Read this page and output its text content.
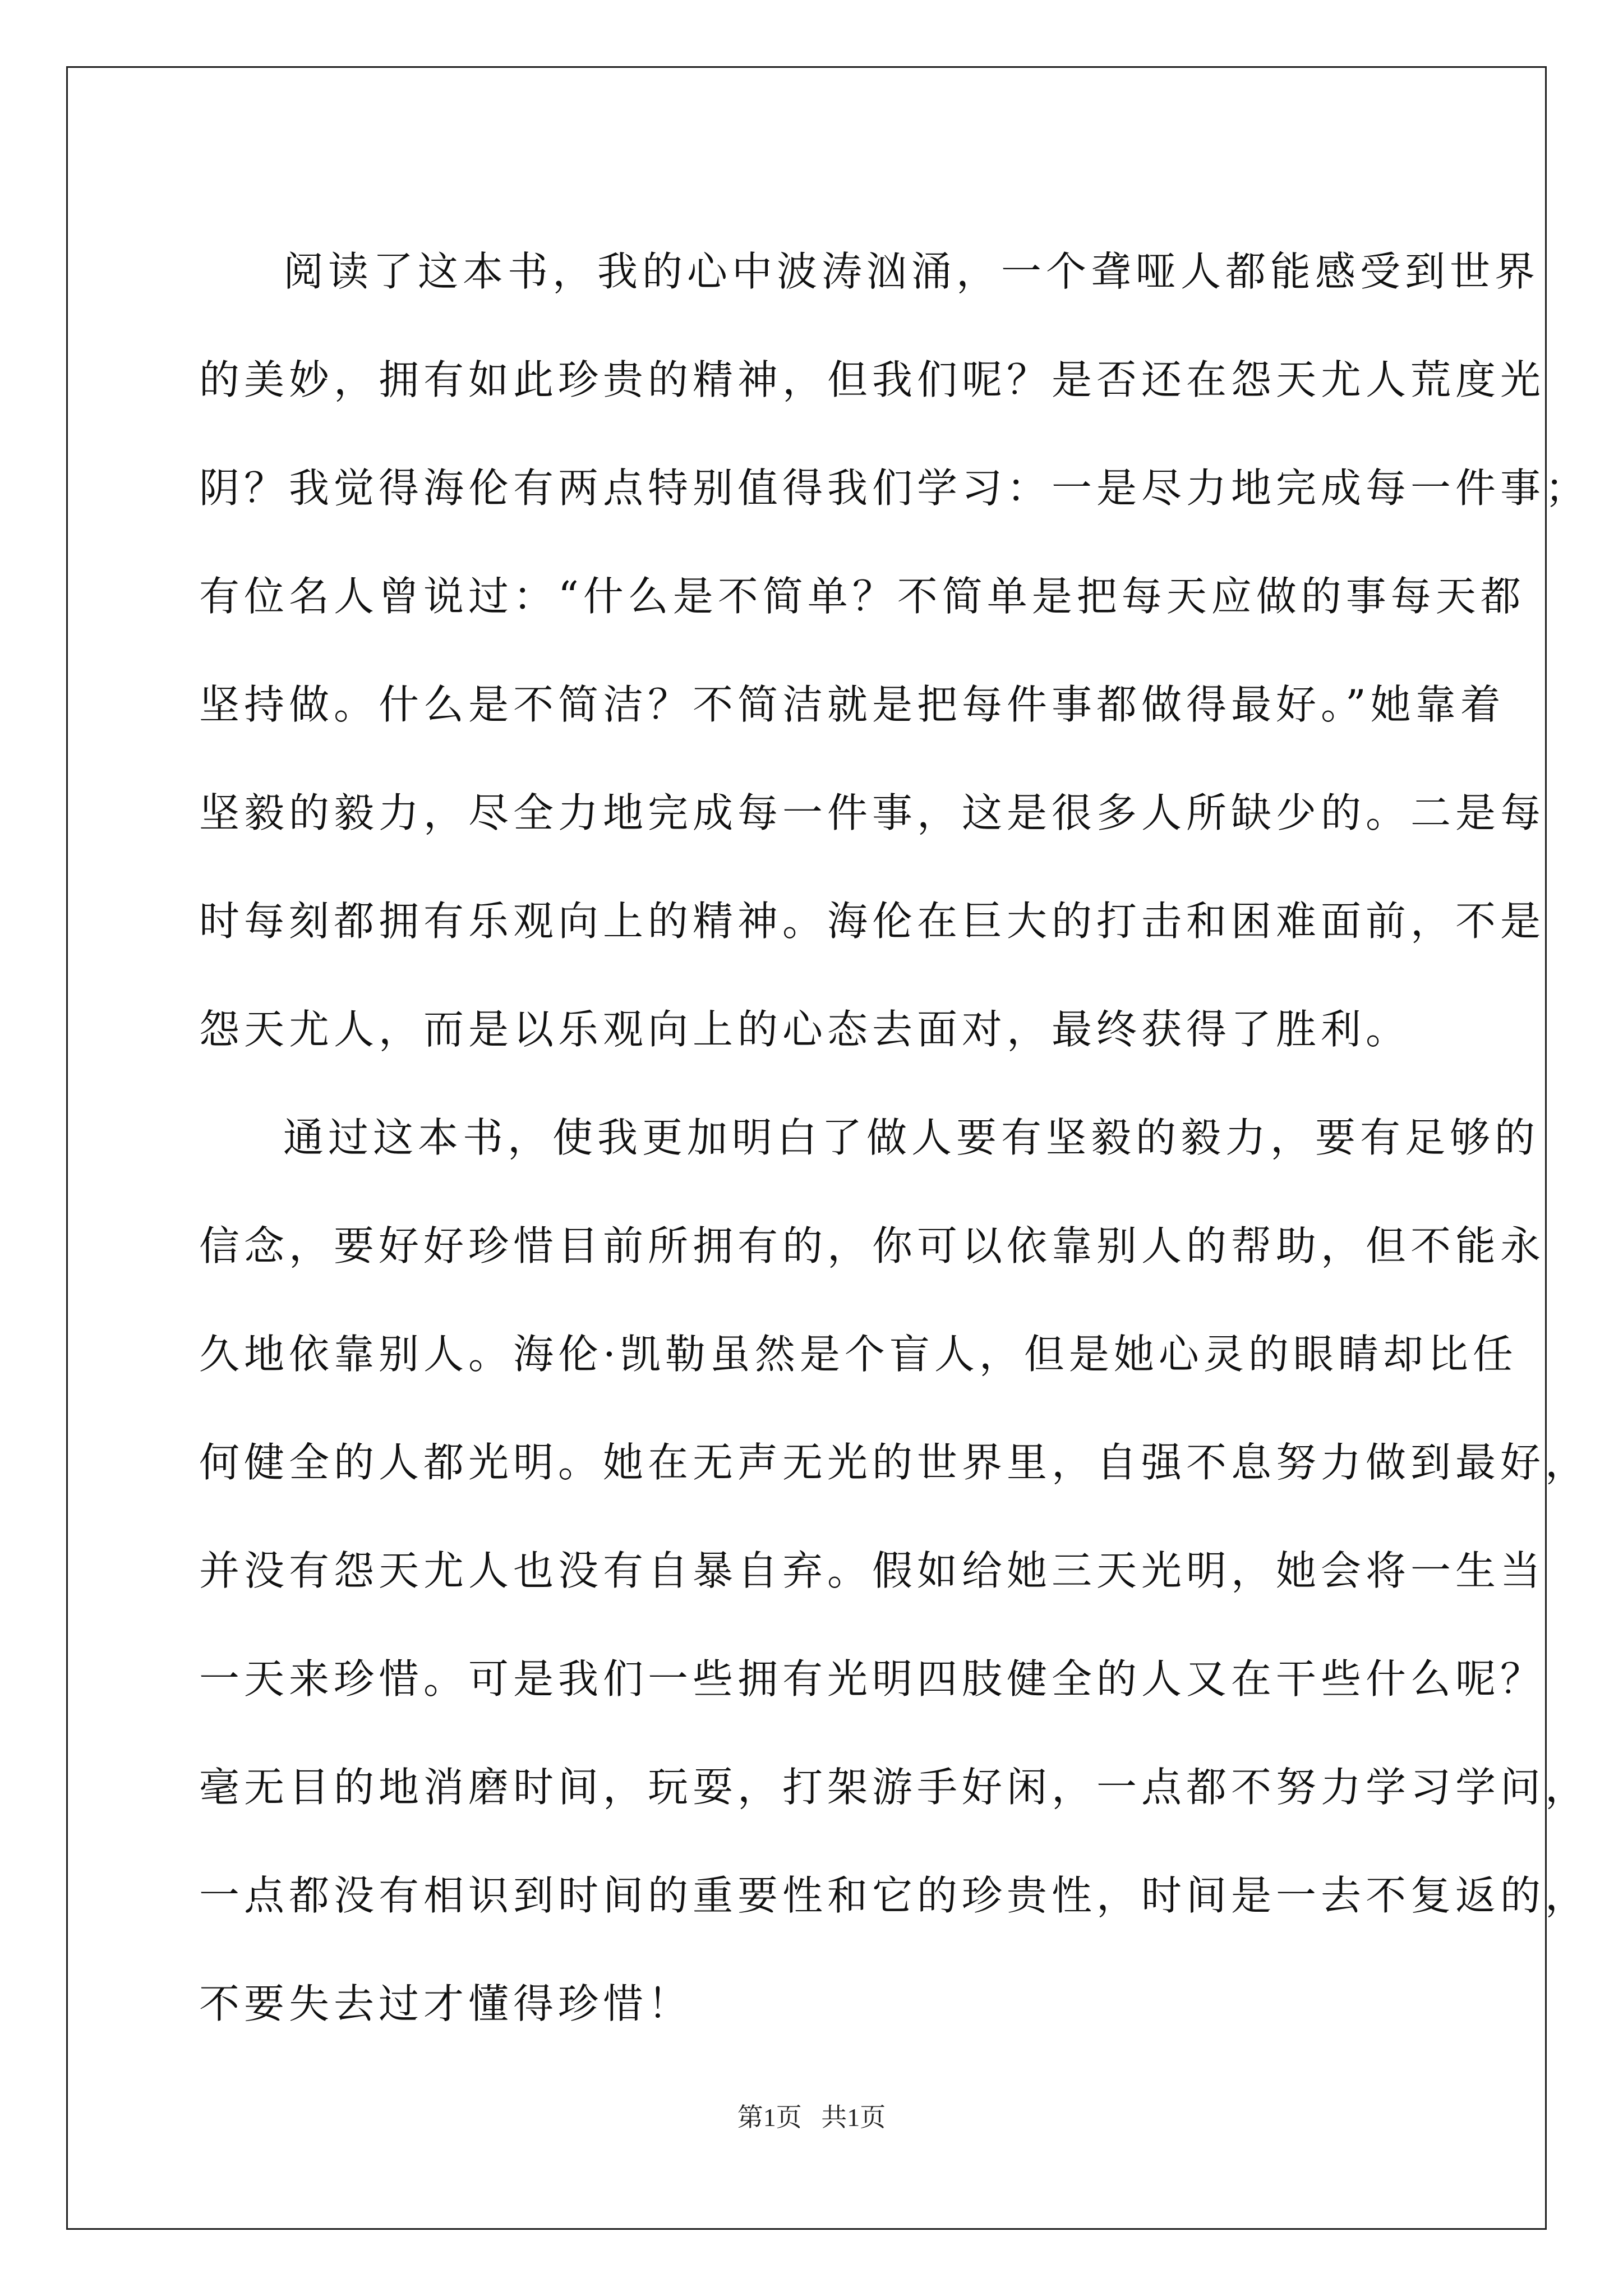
阅读了这本书，我的心中波涛汹涌，一个聋哑人都能感受到世界
的美妙，拥有如此珍贵的精神，但我们呢？是否还在怨天尤人荒度光
阴？我觉得海伦有两点特别值得我们学习：一是尽力地完成每一件事；
有位名人曾说过：“什么是不简单？不简单是把每天应做的事每天都
坚持做。什么是不简洁？不简洁就是把每件事都做得最好。”她靠着
坚毅的毅力，尽全力地完成每一件事，这是很多人所缺少的。二是每
时每刻都拥有乐观向上的精神。海伦在巨大的打击和困难面前，不是
怨天尤人，而是以乐观向上的心态去面对，最终获得了胜利。
通过这本书，使我更加明白了做人要有坚毅的毅力，要有足够的
信念，要好好珍惜目前所拥有的，你可以依靠别人的帮助，但不能永
久地依靠别人。海伦·凯勒虽然是个盲人，但是她心灵的眼睛却比任
何健全的人都光明。她在无声无光的世界里，自强不息努力做到最好，
并没有怨天尤人也没有自暴自弃。假如给她三天光明，她会将一生当
一天来珍惜。可是我们一些拥有光明四肢健全的人又在干些什么呢？
毫无目的地消磨时间，玩耍，打架游手好闲，一点都不努力学习学问，
一点都没有相识到时间的重要性和它的珍贵性，时间是一去不复返的，
不要失去过才懂得珍惜！
第1页   共1页
